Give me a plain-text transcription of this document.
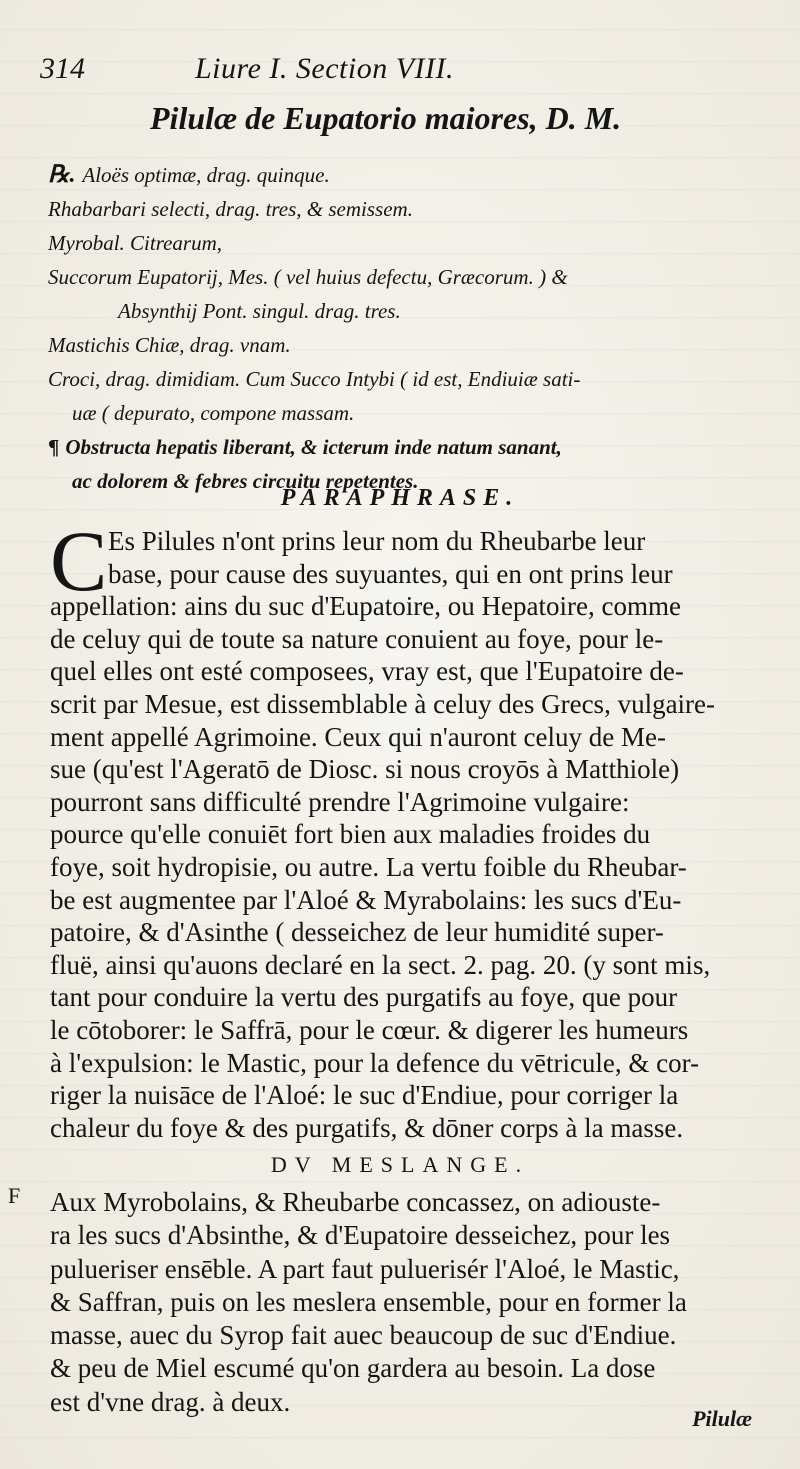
314	Liure I. Section VIII.
Pilulæ de Eupatorio maiores, D. M.
℞. Aloës optimæ, drag. quinque.
Rhabarbari selecti, drag. tres, & semissem.
Myrobal. Citrearum,
Succorum Eupatorij, Mes. ( vel huius defectu, Græcorum. ) &
Absynthij Pont. singul. drag. tres.
Mastichis Chiæ, drag. vnam.
Croci, drag. dimidiam. Cum Succo Intybi ( id est, Endiuiæ sati-
uæ ( depurato, compone massam.
¶ Obstructa hepatis liberant, & icterum inde natum sanant,
ac dolorem & febres circuitu repetentes.
PARAPHRASE.
C Es Pilules n'ont prins leur nom du Rheubarbe leur
base, pour cause des suyuantes, qui en ont prins leur
appellation: ains du suc d'Eupatoire, ou Hepatoire, comme
de celuy qui de toute sa nature conuient au foye, pour le-
quel elles ont esté composees, vray est, que l'Eupatoire de-
scrit par Mesue, est dissemblable à celuy des Grecs, vulgaire-
ment appellé Agrimoine. Ceux qui n'auront celuy de Me-
sue (qu'est l'Ageratō de Diosc. si nous croyōs à Matthiole)
pourront sans difficulté prendre l'Agrimoine vulgaire:
pource qu'elle conuiēt fort bien aux maladies froides du
foye, soit hydropisie, ou autre. La vertu foible du Rheubar-
be est augmentee par l'Aloé & Myrabolains: les sucs d'Eu-
patoire, & d'Asinthe ( desseichez de leur humidité super-
fluë, ainsi qu'auons declaré en la sect. 2. pag. 20. (y sont mis,
tant pour conduire la vertu des purgatifs au foye, que pour
le cōtoborer: le Saffrā, pour le cœur. & digerer les humeurs
à l'expulsion: le Mastic, pour la defence du vētricule, & cor-
riger la nuisāce de l'Aloé: le suc d'Endiue, pour corriger la
chaleur du foye & des purgatifs, & dōner corps à la masse.
DV MESLANGE.
F Aux Myrobolains, & Rheubarbe concassez, on adiouste-
ra les sucs d'Absinthe, & d'Eupatoire desseichez, pour les
pulueriser ensēble. A part faut puluerisér l'Aloé, le Mastic,
& Saffran, puis on les meslera ensemble, pour en former la
masse, auec du Syrop fait auec beaucoup de suc d'Endiue.
& peu de Miel escumé qu'on gardera au besoin. La dose
est d'vne drag. à deux.
Pilulæ
